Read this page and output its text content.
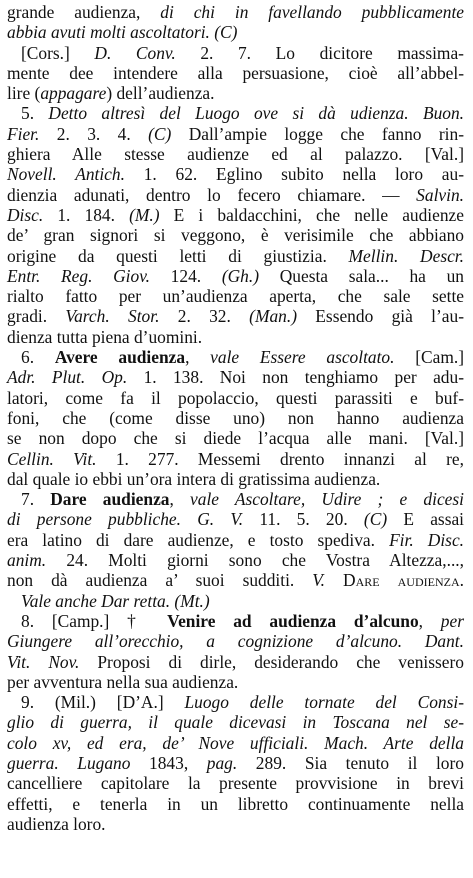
grande audienza, di chi in favellando pubblicamente
abbia avuti molti ascoltatori. (C)
[Cors.] D. Conv. 2. 7. Lo dicitore massima-
mente dee intendere alla persuasione, cioè all’abbel-
lire (appagare) dell’audienza.
5. Detto altresì del Luogo ove si dà udienza. Buon.
Fier. 2. 3. 4. (C) Dall’ampie logge che fanno rin-
ghiera Alle stesse audienze ed al palazzo. [Val.]
Novell. Antich. 1. 62. Eglino subito nella loro au-
dienzia adunati, dentro lo fecero chiamare. — Salvin.
Disc. 1. 184. (M.) E i baldacchini, che nelle audienze
de’ gran signori si veggono, è verisimile che abbiano
origine da questi letti di giustizia. Mellin. Descr.
Entr. Reg. Giov. 124. (Gh.) Questa sala... ha un
rialto fatto per un’audienza aperta, che sale sette
gradi. Varch. Stor. 2. 32. (Man.) Essendo già l’au-
dienza tutta piena d’uomini.
6. Avere audienza, vale Essere ascoltato. [Cam.]
Adr. Plut. Op. 1. 138. Noi non tenghiamo per adu-
latori, come fa il popolaccio, questi parassiti e buf-
foni, che (come disse uno) non hanno audienza
se non dopo che si diede l’acqua alle mani. [Val.]
Cellin. Vit. 1. 277. Messemi drento innanzi al re,
dal quale io ebbi un’ora intera di gratissima audienza.
7. Dare audienza, vale Ascoltare, Udire ; e dicesi
di persone pubbliche. G. V. 11. 5. 20. (C) E assai
era latino di dare audienze, e tosto spediva. Fir. Disc.
anim. 24. Molti giorni sono che Vostra Altezza,...,
non dà audienza a’ suoi sudditi. V. Dare audienza.
Vale anche Dar retta. (Mt.)
8. [Camp.] † Venire ad audienza d’alcuno, per
Giungere all’orecchio, a cognizione d’alcuno. Dant.
Vit. Nov. Proposi di dirle, desiderando che venissero
per avventura nella sua audienza.
9. (Mil.) [D’A.] Luogo delle tornate del Consi-
glio di guerra, il quale dicevasi in Toscana nel se-
colo xv, ed era, de’ Nove ufficiali. Mach. Arte della
guerra. Lugano 1843, pag. 289. Sia tenuto il loro
cancelliere capitolare la presente provvisione in brevi
effetti, e tenerla in un libretto continuamente nella
audienza loro.
